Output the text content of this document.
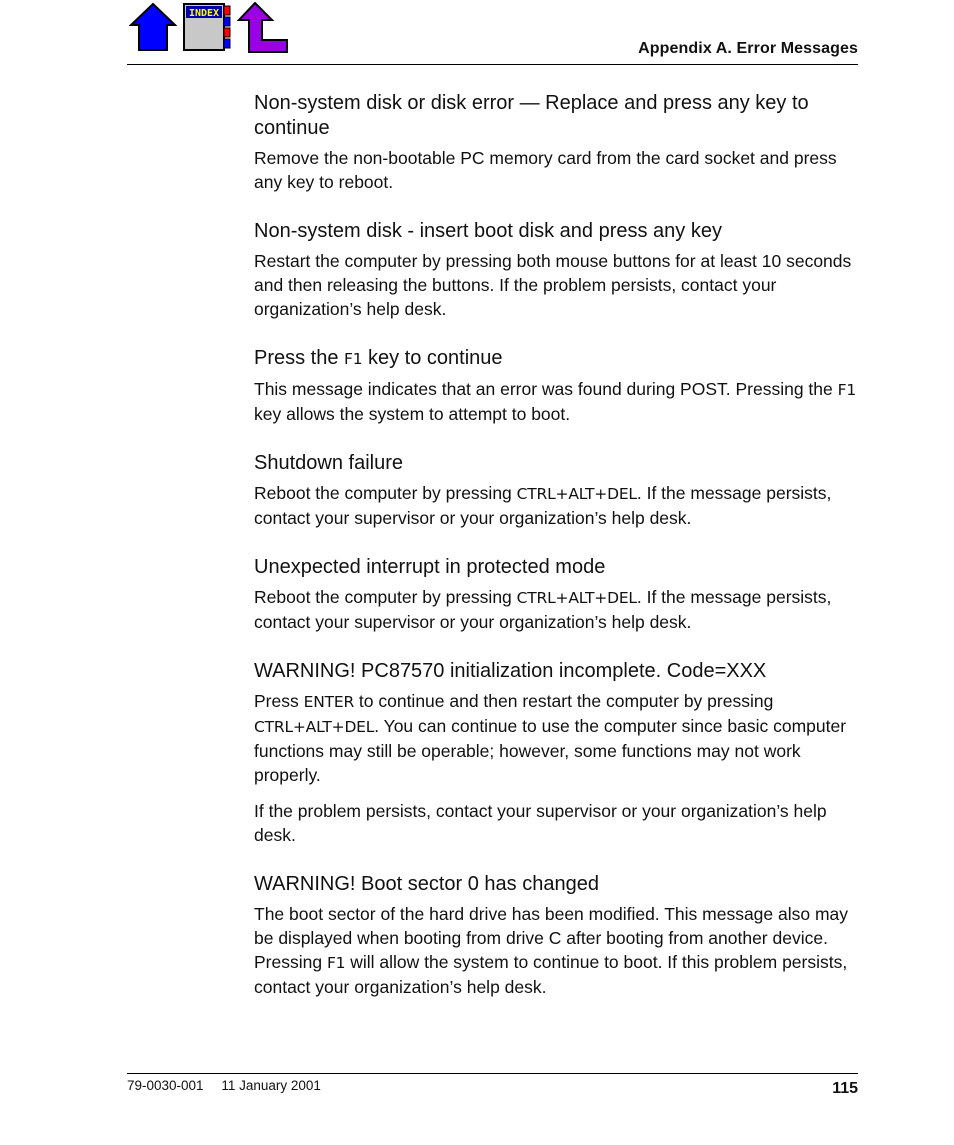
INDEX
Appendix A. Error Messages
Non-system disk or disk error — Replace and press any key to continue

Remove the non-bootable PC memory card from the card socket and press any key to reboot.

Non-system disk - insert boot disk and press any key

Restart the computer by pressing both mouse buttons for at least 10 seconds and then releasing the buttons. If the problem persists, contact your organization’s help desk.

Press the F1 key to continue

This message indicates that an error was found during POST. Pressing the F1 key allows the system to attempt to boot.

Shutdown failure

Reboot the computer by pressing CTRL+ALT+DEL. If the message persists, contact your supervisor or your organization’s help desk.

Unexpected interrupt in protected mode

Reboot the computer by pressing CTRL+ALT+DEL. If the message persists, contact your supervisor or your organization’s help desk.

WARNING! PC87570 initialization incomplete. Code=XXX

Press ENTER to continue and then restart the computer by pressing CTRL+ALT+DEL. You can continue to use the computer since basic computer functions may still be operable; however, some functions may not work properly.

If the problem persists, contact your supervisor or your organization’s help desk.

WARNING! Boot sector 0 has changed

The boot sector of the hard drive has been modified. This message also may be displayed when booting from drive C after booting from another device. Pressing F1 will allow the system to continue to boot. If this problem persists, contact your organization’s help desk.

79-0030-001 11 January 2001	115
